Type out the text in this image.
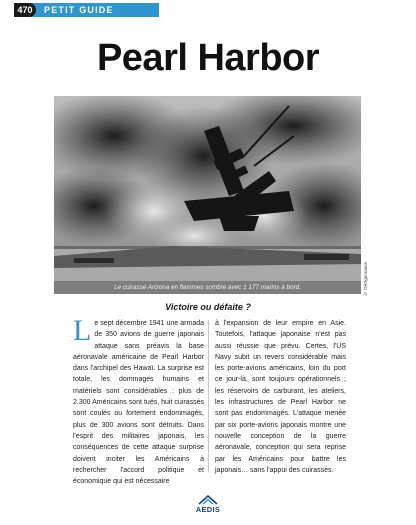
470	PETIT GUIDE
Pearl Harbor
Le cuirassé Arizona en flammes sombre avec 1 177 marins à bord.	© DR/Ignorance
Victoire ou défaite ?
Le sept décembre 1941 une armada de 350 avions de guerre japonais attaque sans préavis la base aéronavale américaine de Pearl Harbor dans l'archipel des Hawaï. La surprise est totale, les dommages humains et matériels sont considérables : plus de 2.300 Américains sont tués, huit cuirassés sont coulés ou fortement endommagés, plus de 300 avions sont détruits. Dans l'esprit des militaires japonais, les conséquences de cette attaque surprise doivent inciter les Américains à rechercher l'accord politique et économique qui est nécessaire
à l'expansion de leur empire en Asie. Toutefois, l'attaque japonaise n'est pas aussi réussie que prévu. Certes, l'US Navy subit un revers considérable mais les porte-avions américains, loin du port ce jour-là, sont toujours opérationnels ; les réservoirs de carburant, les ateliers, les infrastructures de Pearl Harbor ne sont pas endommagés. L'attaque menée par six porte-avions japonais montre une nouvelle conception de la guerre aéronavale, conception qui sera reprise par les Américains pour battre les japonais… sans l'appui des cuirassés.
AEDIS
